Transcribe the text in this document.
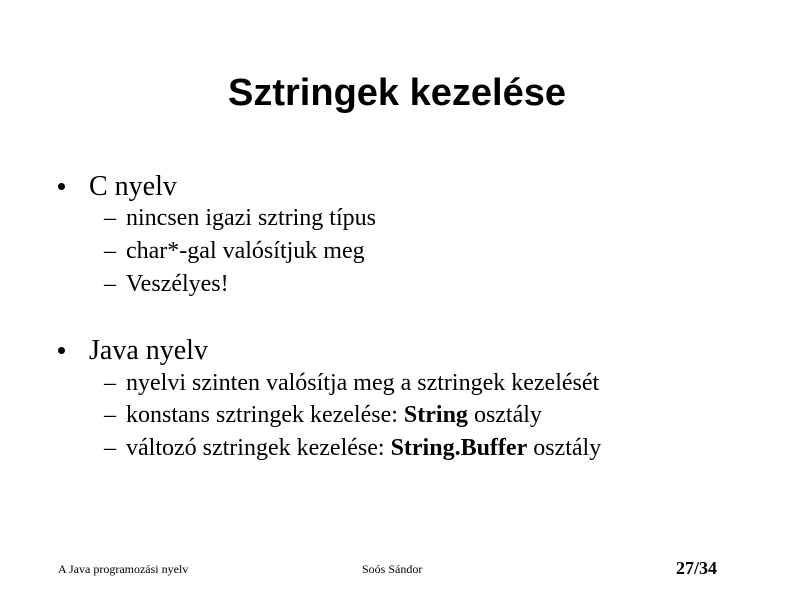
Sztringek kezelése
C nyelv
– nincsen igazi sztring típus
– char*-gal valósítjuk meg
– Veszélyes!
Java nyelv
– nyelvi szinten valósítja meg a sztringek kezelését
– konstans sztringek kezelése: String osztály
– változó sztringek kezelése: String.Buffer osztály
A Java programozási nyelv	Soós Sándor	27/34
